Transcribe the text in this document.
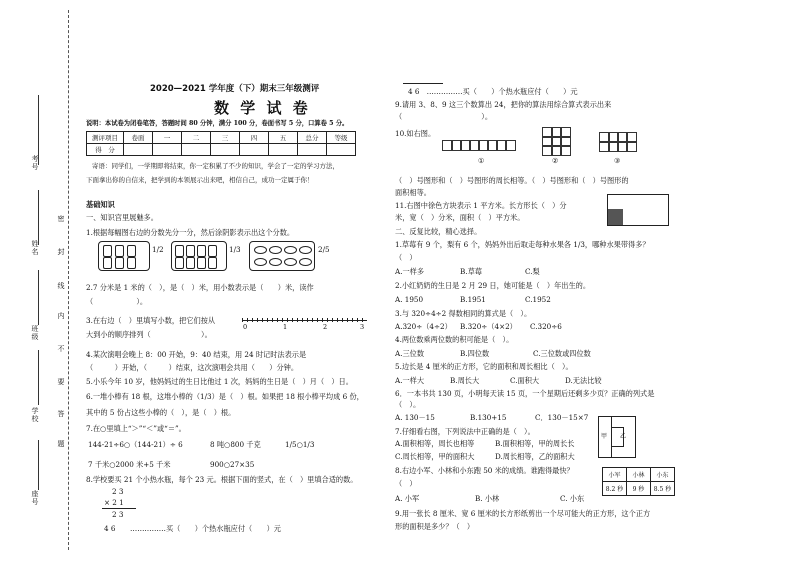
考号
姓名
班级
学校
座号
密
封
线
内
不
要
答
题
2020—2021 学年度（下）期末三年级测评
数 学 试 卷
说明：本试卷为闭卷笔答，答题时间 80 分钟，满分 100 分，卷面书写 5 分，口算卷 5 分。
测评项目	卷面	一	二	三	四	五	总分	等级
得　分								
寄语：同学们，一学期即将结束，你一定积累了不少的知识，学会了一定的学习方法，
下面拿出你的自信来，把学到的本领展示出来吧，相信自己，成功一定属于你！
基础知识
一、知识宫里展魅多。
1.根据每幅图右边的分数先分一分，然后涂阴影表示出这个分数。
1/2	1/3	2/5
2.7 分米是 1 米的（　），是（　）米，用小数表示是（　　）米，读作
（　　　　　　）。
3.在右边（　）里填写小数，把它们按从
大到小的顺序排列（　　　　　　　）。
0	1	2	3
4.某次演唱会晚上 8：00 开始，9：40 结束，用 24 时记时法表示是
（　　　）开始，（　　　）结束，这次演唱会共用（　　）分钟。
5.小乐今年 10 岁，他妈妈过的生日比他过 1 次，妈妈的生日是（　）月（　）日。
6.一堆小棒有 18 根，这堆小棒的（1/3）是（　）根。如果把 18 根小棒平均成 6 份，
其中的 5 份占这些小棒的（　），是（　）根。
7.在○里填上“＞”“＜”或“＝”。
144-21÷6○（144-21）÷ 6	8 吨○800 千克	1/5○1/3
7 千米○2000 米+5 千米	900○27×35
8.学校要买 21 个小热水瓶，每个 23 元。根据下面的竖式，在（　）里填合适的数。
2 3
× 2 1
2 3
4 6 ……………买（　　）个热水瓶应付（　　）元
4 6　……………买（　　）个热水瓶应付（　　）元
9.请用 3、8、9 这三个数算出 24，把你的算法用综合算式表示出来
（　　　　　　　　　　　）。
10.如右图。
①	②	③
（　）号图形和（　）号图形的周长相等。（　）号图形和（　）号图形的
面积相等。
11.右图中徐色方块表示 1 平方米。长方形长（　）分
米，宽（　）分米，面积（　）平方米。
二、反复比较，精心选择。
1.草莓有 9 个，梨有 6 个，妈妈外出后取走每种水果各 1/3，哪种水果带得多？
（　）
A.一样多	B.草莓	C.梨
2.小红奶奶的生日是 2 月 29 日，她可能是（　）年出生的。
A. 1950	B.1951	C.1952
3.与 320÷4÷2 得数相同的算式是（　）。
A.320÷（4÷2） B.320÷（4×2） C.320÷6
4.两位数乘两位数的积可能是（　）。
A.三位数	B.四位数	C.三位数或四位数
5.边长是 4 厘米的正方形，它的面积和周长相比（　）。
A.一样大	B.周长大	C.面积大	D.无法比较
6．一本书共 130 页，小明每天读 15 页，一个星期后还剩多少页？正确的列式是
（　）。
A. 130－15	B.130+15	C．130－15×7
7.仔细看右图，下列说法中正确的是（　）。
A.面积相等，周长也相等	B.面积相等，甲的周长长
C.周长相等，甲的面积大	D.周长相等，乙的面积大
甲 乙
小军	小林	小东
8.2 秒	9 秒	8.5 秒
8.右边小军、小林和小东跑 50 米的成绩。谁跑得最快？
（　）
A. 小军	B. 小林	C. 小东
9.用一张长 8 厘米、宽 6 厘米的长方形纸剪出一个尽可能大的正方形，这个正方
形的面积是多少？（　）
